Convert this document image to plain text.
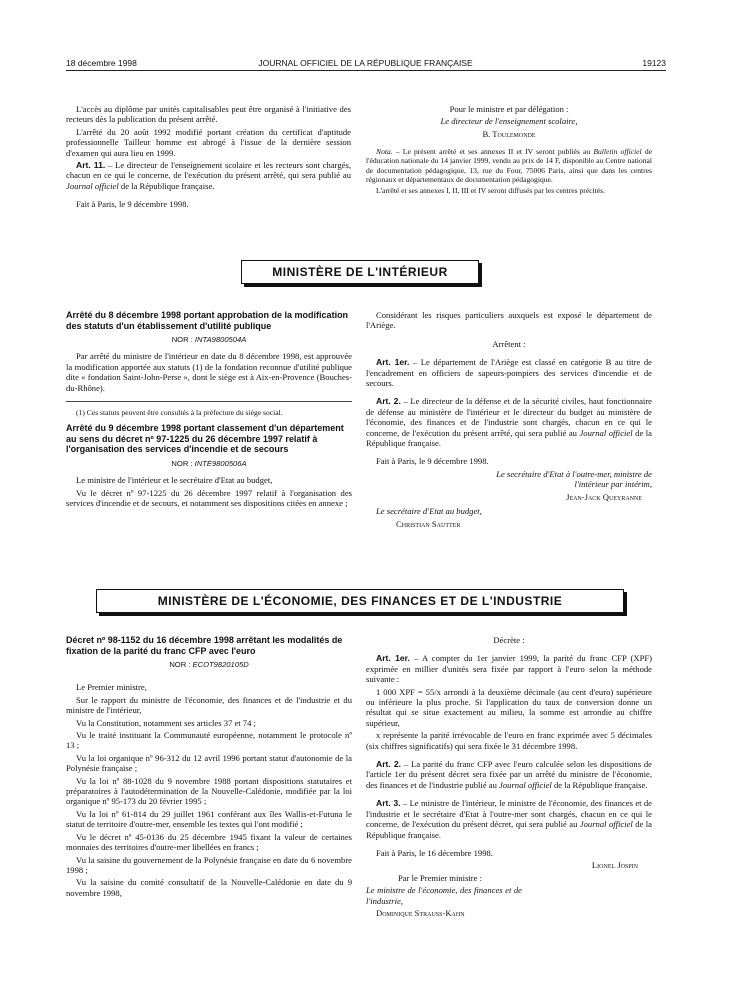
18 décembre 1998	JOURNAL OFFICIEL DE LA RÉPUBLIQUE FRANÇAISE	19123

L'accès au diplôme par unités capitalisables peut être organisé à l'initiative des recteurs dès la publication du présent arrêté.

L'arrêté du 20 août 1992 modifié portant création du certificat d'aptitude professionnelle Tailleur homme est abrogé à l'issue de la dernière session d'examen qui aura lieu en 1999.

Art. 11. – Le directeur de l'enseignement scolaire et les recteurs sont chargés, chacun en ce qui le concerne, de l'exécution du présent arrêté, qui sera publié au Journal officiel de la République française.

Fait à Paris, le 9 décembre 1998.

Pour le ministre et par délégation :

Le directeur de l'enseignement scolaire,

B. Toulemonde

Nota. – Le présent arrêté et ses annexes II et IV seront publiés au Bulletin officiel de l'éducation nationale du 14 janvier 1999, vendu au prix de 14 F, disponible au Centre national de documentation pédagogique, 13, rue du Four, 75006 Paris, ainsi que dans les centres régionaux et départementaux de documentation pédagogique.

L'arrêté et ses annexes I, II, III et IV seront diffusés par les centres précités.

MINISTÈRE DE L'INTÉRIEUR
Arrêté du 8 décembre 1998 portant approbation de la modification des statuts d'un établissement d'utilité publique
NOR : INTA9800504A

Par arrêté du ministre de l'intérieur en date du 8 décembre 1998, est approuvée la modification apportée aux statuts (1) de la fondation reconnue d'utilité publique dite « fondation Saint-John-Perse », dont le siège est à Aix-en-Provence (Bouches-du-Rhône).

(1) Ces statuts peuvent être consultés à la préfecture du siège social.

Arrêté du 9 décembre 1998 portant classement d'un département au sens du décret nº 97-1225 du 26 décembre 1997 relatif à l'organisation des services d'incendie et de secours
NOR : INTE9800506A

Le ministre de l'intérieur et le secrétaire d'Etat au budget,

Vu le décret nº 97-1225 du 26 décembre 1997 relatif à l'organisation des services d'incendie et de secours, et notamment ses dispositions citées en annexe ;

Considérant les risques particuliers auxquels est exposé le département de l'Ariège.

Arrêtent :

Art. 1er. – Le département de l'Ariège est classé en catégorie B au titre de l'encadrement en officiers de sapeurs-pompiers des services d'incendie et de secours.

Art. 2. – Le directeur de la défense et de la sécurité civiles, haut fonctionnaire de défense au ministère de l'intérieur et le directeur du budget au ministère de l'économie, des finances et de l'industrie sont chargés, chacun en ce qui le concerne, de l'exécution du présent arrêté, qui sera publié au Journal officiel de la République française.

Fait à Paris, le 9 décembre 1998.

Le secrétaire d'Etat à l'outre-mer, ministre de l'intérieur par intérim,

Jean-Jack Queyranne

Le secrétaire d'Etat au budget,

Christian Sautter

MINISTÈRE DE L'ÉCONOMIE, DES FINANCES ET DE L'INDUSTRIE
Décret nº 98-1152 du 16 décembre 1998 arrêtant les modalités de fixation de la parité du franc CFP avec l'euro
NOR : ECOT9820105D

Le Premier ministre,

Sur le rapport du ministre de l'économie, des finances et de l'industrie et du ministre de l'intérieur,

Vu la Constitution, notamment ses articles 37 et 74 ;

Vu le traité instituant la Communauté européenne, notamment le protocole nº 13 ;

Vu la loi organique nº 96-312 du 12 avril 1996 portant statut d'autonomie de la Polynésie française ;

Vu la loi nº 88-1028 du 9 novembre 1988 portant dispositions statutaires et préparatoires à l'autodétermination de la Nouvelle-Calédonie, modifiée par la loi organique nº 95-173 du 20 février 1995 ;

Vu la loi nº 61-814 du 29 juillet 1961 conférant aux îles Wallis-et-Futuna le statut de territoire d'outre-mer, ensemble les textes qui l'ont modifié ;

Vu le décret nº 45-0136 du 25 décembre 1945 fixant la valeur de certaines monnaies des territoires d'outre-mer libellées en francs ;

Vu la saisine du gouvernement de la Polynésie française en date du 6 novembre 1998 ;

Vu la saisine du comité consultatif de la Nouvelle-Calédonie en date du 9 novembre 1998,

Décrète :

Art. 1er. – A compter du 1er janvier 1999, la parité du franc CFP (XPF) exprimée en millier d'unités sera fixée par rapport à l'euro selon la méthode suivante :

1 000 XPF = 55/x arrondi à la deuxième décimale (au cent d'euro) supérieure ou inférieure la plus proche. Si l'application du taux de conversion donne un résultat qui se situe exactement au milieu, la somme est arrondie au chiffre supérieur,

x représente la parité irrévocable de l'euro en franc exprimée avec 5 décimales (six chiffres significatifs) qui sera fixée le 31 décembre 1998.

Art. 2. – La parité du franc CFP avec l'euro calculée selon les dispositions de l'article 1er du présent décret sera fixée par un arrêté du ministre de l'économie, des finances et de l'industrie publié au Journal officiel de la République française.

Art. 3. – Le ministre de l'intérieur, le ministre de l'économie, des finances et de l'industrie et le secrétaire d'Etat à l'outre-mer sont chargés, chacun en ce qui le concerne, de l'exécution du présent décret, qui sera publié au Journal officiel de la République française.

Fait à Paris, le 16 décembre 1998.

Lionel Jospin

Par le Premier ministre :

Le ministre de l'économie, des finances et de l'industrie,

Dominique Strauss-Kahn
